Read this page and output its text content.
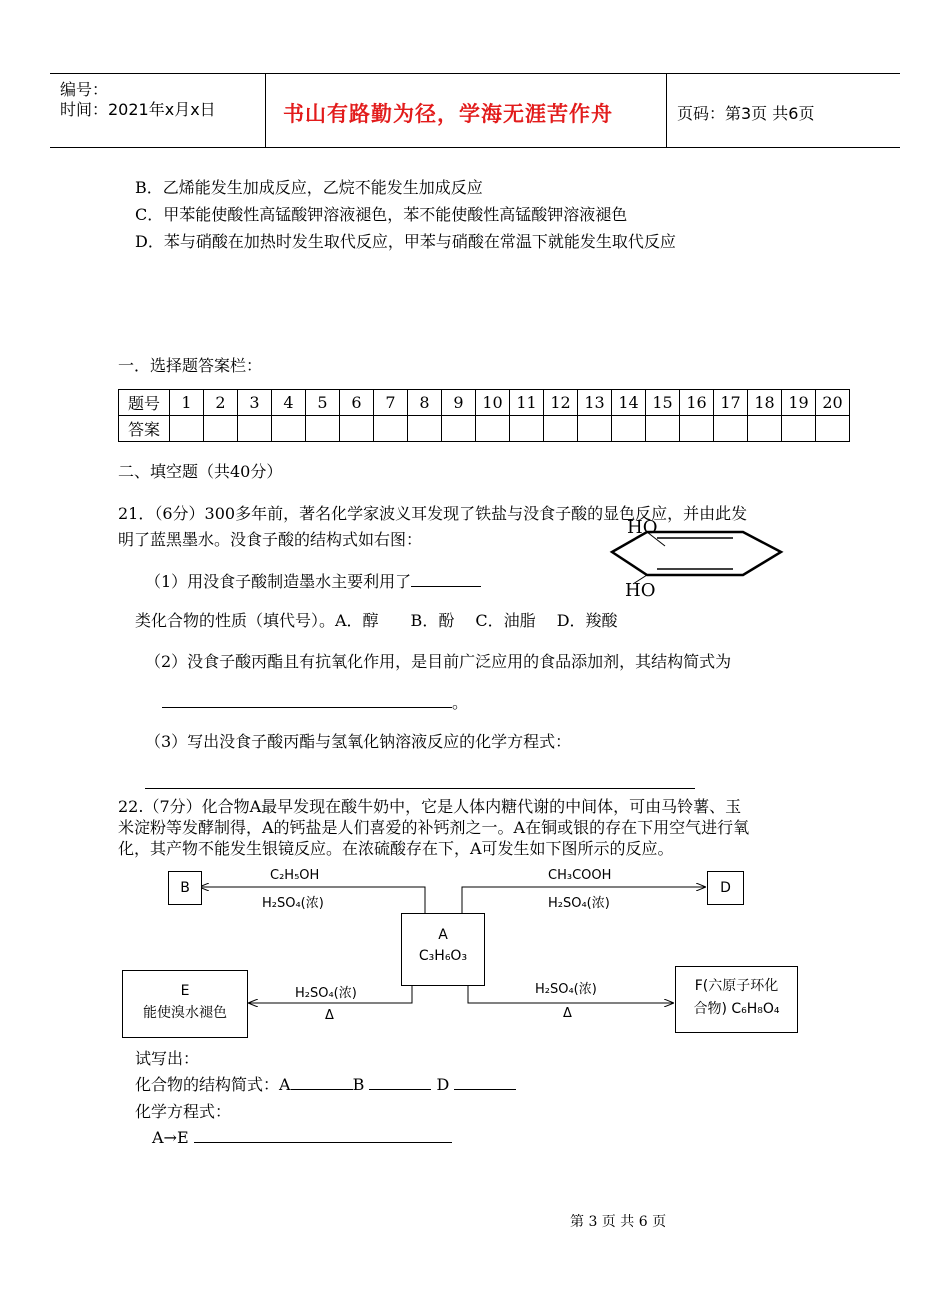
编号：
时间：2021年x月x日	书山有路勤为径，学海无涯苦作舟	页码：第3页 共6页
B．乙烯能发生加成反应，乙烷不能发生加成反应
C．甲苯能使酸性高锰酸钾溶液褪色，苯不能使酸性高锰酸钾溶液褪色
D．苯与硝酸在加热时发生取代反应，甲苯与硝酸在常温下就能发生取代反应
一．选择题答案栏：
题号	1	2	3	4	5	6	7	8	9	10	11	12	13	14	15	16	17	18	19	20
答案																				
二、填空题（共40分）
21．（6分）300多年前，著名化学家波义耳发现了铁盐与没食子酸的显色反应，并由此发
明了蓝黑墨水。没食子酸的结构式如右图：
HO
HO
（1）用没食子酸制造墨水主要利用了
类化合物的性质（填代号）。A．醇　　B．酚　 C．油脂　 D．羧酸
（2）没食子酸丙酯且有抗氧化作用，是目前广泛应用的食品添加剂，其结构简式为
。
（3）写出没食子酸丙酯与氢氧化钠溶液反应的化学方程式：
22.（7分）化合物A最早发现在酸牛奶中，它是人体内糖代谢的中间体，可由马铃薯、玉
米淀粉等发酵制得，A的钙盐是人们喜爱的补钙剂之一。A在铜或银的存在下用空气进行氧
化，其产物不能发生银镜反应。在浓硫酸存在下，A可发生如下图所示的反应。
B	D
A
C₃H₆O₃
E
能使溴水褪色
F(六原子环化
合物) C₆H₈O₄
C₂H₅OH
H₂SO₄(浓)
CH₃COOH
H₂SO₄(浓)
H₂SO₄(浓)
Δ
H₂SO₄(浓)
Δ
试写出：
化合物的结构简式：A	B	D
化学方程式：
A→E
第 3 页 共 6 页
